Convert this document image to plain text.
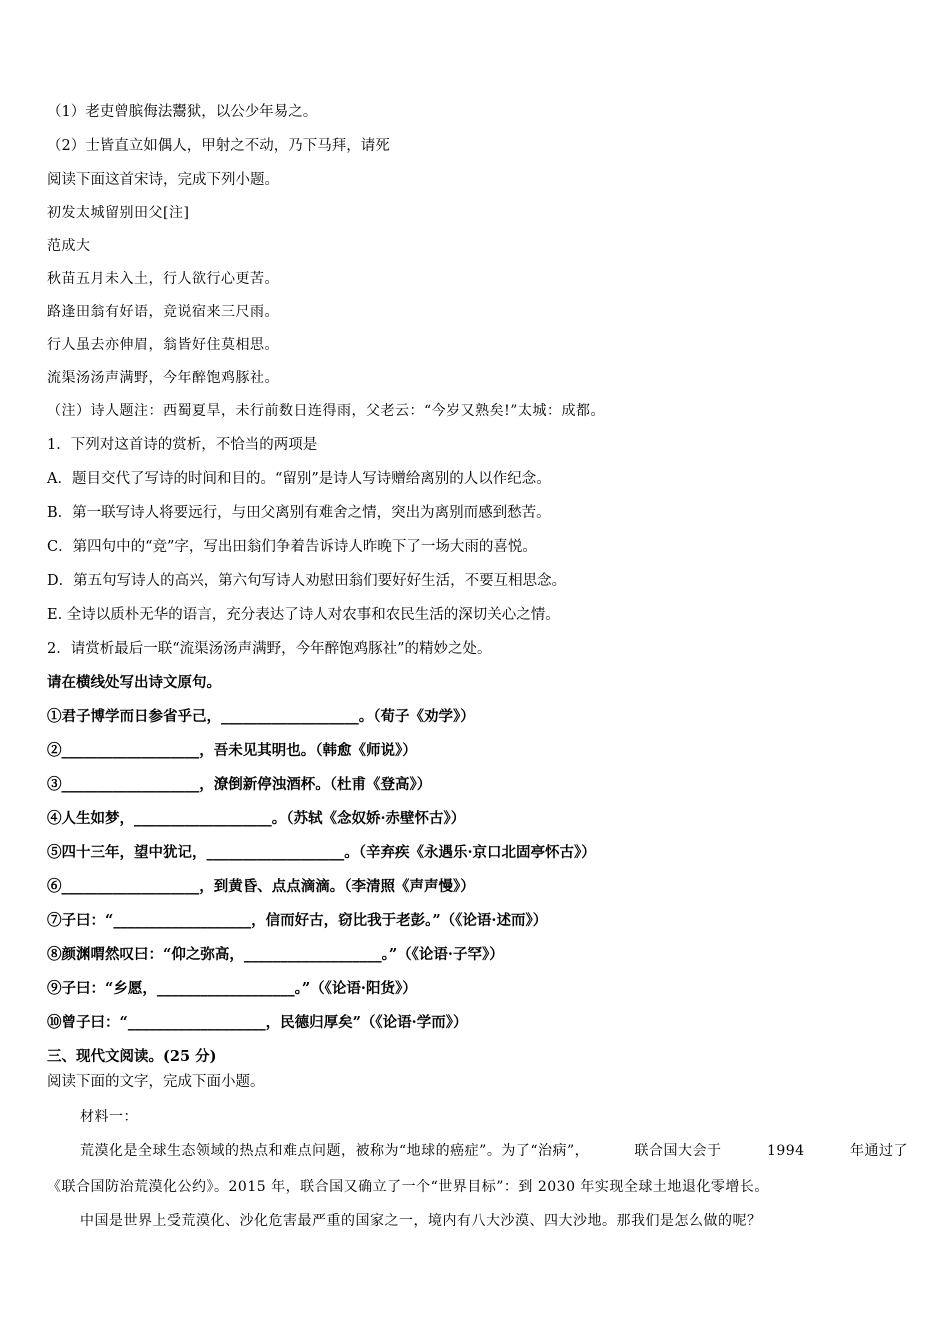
（1）老吏曾膑侮法鬻狱，以公少年易之。
（2）士皆直立如偶人，甲射之不动，乃下马拜，请死
阅读下面这首宋诗，完成下列小题。
初发太城留别田父[注]
范成大
秋苗五月未入土，行人欲行心更苦。
路逢田翁有好语，竞说宿来三尺雨。
行人虽去亦伸眉，翁皆好住莫相思。
流渠汤汤声满野，今年醉饱鸡豚社。
（注）诗人题注：西蜀夏旱，未行前数日连得雨，父老云：“今岁又熟矣!”太城：成都。
1．下列对这首诗的赏析，不恰当的两项是
A．题目交代了写诗的时间和目的。“留别”是诗人写诗赠给离别的人以作纪念。
B．第一联写诗人将要远行，与田父离别有难舍之情，突出为离别而感到愁苦。
C．第四句中的“竞”字，写出田翁们争着告诉诗人昨晚下了一场大雨的喜悦。
D．第五句写诗人的高兴，第六句写诗人劝慰田翁们要好好生活，不要互相思念。
E. 全诗以质朴无华的语言，充分表达了诗人对农事和农民生活的深切关心之情。
2．请赏析最后一联“流渠汤汤声满野，今年醉饱鸡豚社”的精妙之处。
请在横线处写出诗文原句。
①君子博学而日参省乎己，___________________。（荀子《劝学》）
②___________________，吾未见其明也。（韩愈《师说》）
③___________________，潦倒新停浊酒杯。（杜甫《登高》）
④人生如梦，___________________。（苏轼《念奴娇·赤壁怀古》）
⑤四十三年，望中犹记，___________________。（辛弃疾《永遇乐·京口北固亭怀古》）
⑥___________________，到黄昏、点点滴滴。（李清照《声声慢》）
⑦子曰：“___________________，信而好古，窃比我于老彭。”（《论语·述而》）
⑧颜渊喟然叹曰：“仰之弥高，___________________。”（《论语·子罕》）
⑨子曰：“乡愿，___________________。”（《论语·阳货》）
⑩曾子曰：“___________________，民德归厚矣”（《论语·学而》）
三、现代文阅读。(25 分)
阅读下面的文字，完成下面小题。
材料一：
荒漠化是全球生态领域的热点和难点问题，被称为“地球的癌症”。为了“治病”，	联合国大会于	1994	年通过了
《联合国防治荒漠化公约》。2015 年，联合国又确立了一个“世界目标”：到 2030 年实现全球土地退化零增长。
中国是世界上受荒漠化、沙化危害最严重的国家之一，境内有八大沙漠、四大沙地。那我们是怎么做的呢？
